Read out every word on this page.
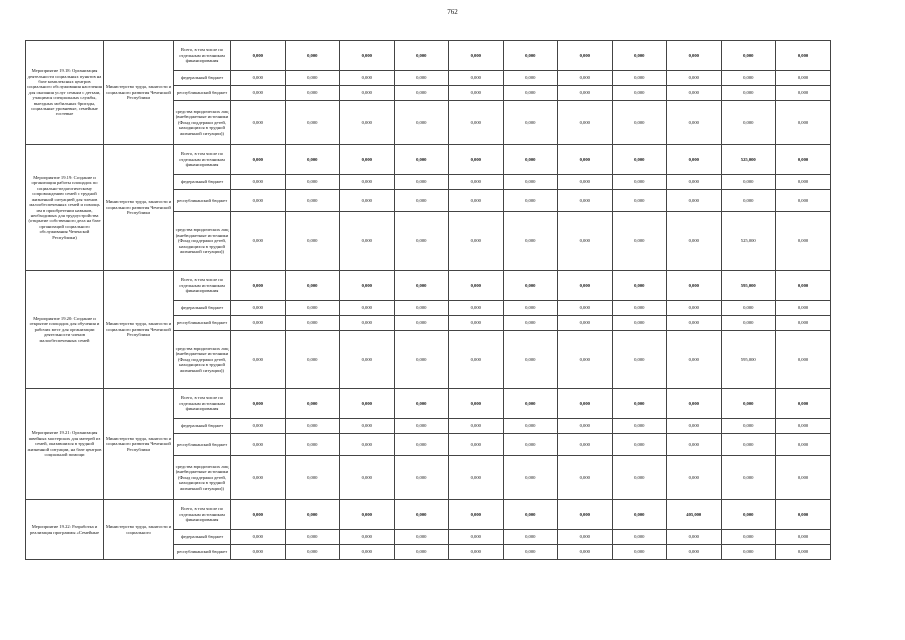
762
Мероприятие 19.18: Организация деятельности социальных пунктов на базе комплексных центров социального обслуживания населения для оказания услуг семьям с детьми, учащимся специальных службы, выездных мобильных бригады, социальные уровневые, семейные гостевые	Министерство труда, занятости и социального развития Чеченской Республики	Всего, в том числе по отдельным источникам финансирования	0,000	0,000	0,000	0,000	0,000	0,000	0,000	0,000	0,000	0,000	0,000
		федеральный бюджет	0,000	0,000	0,000	0,000	0,000	0,000	0,000	0,000	0,000	0,000	0,000
		республиканский бюджет	0,000	0,000	0,000	0,000	0,000	0,000	0,000	0,000	0,000	0,000	0,000
		средства юридических лиц (внебюджетные источники (Фонд поддержки детей, находящихся в трудной жизненной ситуации))	0,000	0,000	0,000	0,000	0,000	0,000	0,000	0,000	0,000	0,000	0,000
Мероприятие 19.19: Создание и организация работы площадок по социально-педагогическому сопровождению семей с трудной жизненной ситуацией для членов малообеспеченных семей и помощь им в приобретении навыков, необходимых для трудоустройства (открытие собственного дела на базе организаций социального обслуживания Чеченской Республики)	Министерство труда, занятости и социального развития Чеченской Республики	Всего, в том числе по отдельным источникам финансирования	0,000	0,000	0,000	0,000	0,000	0,000	0,000	0,000	0,000	525,000	0,000
		федеральный бюджет	0,000	0,000	0,000	0,000	0,000	0,000	0,000	0,000	0,000	0,000	0,000
		республиканский бюджет	0,000	0,000	0,000	0,000	0,000	0,000	0,000	0,000	0,000	0,000	0,000
		средства юридических лиц (внебюджетные источники (Фонд поддержки детей, находящихся в трудной жизненной ситуации))	0,000	0,000	0,000	0,000	0,000	0,000	0,000	0,000	0,000	525,000	0,000
Мероприятие 19.20: Создание и открытие площадок для обучения и рабочих мест для организации деятельности членов малообеспеченных семей	Министерство труда, занятости и социального развития Чеченской Республики	Всего, в том числе по отдельным источникам финансирования	0,000	0,000	0,000	0,000	0,000	0,000	0,000	0,000	0,000	595,000	0,000
		федеральный бюджет	0,000	0,000	0,000	0,000	0,000	0,000	0,000	0,000	0,000	0,000	0,000
		республиканский бюджет	0,000	0,000	0,000	0,000	0,000	0,000	0,000	0,000	0,000	0,000	0,000
		средства юридических лиц (внебюджетные источники (Фонд поддержки детей, находящихся в трудной жизненной ситуации))	0,000	0,000	0,000	0,000	0,000	0,000	0,000	0,000	0,000	595,000	0,000
Мероприятие 19.21: Организация швейных мастерских для матерей из семей, оказавшихся в трудной жизненной ситуации, на базе центров социальной помощи	Министерство труда, занятости и социального развития Чеченской Республики	Всего, в том числе по отдельным источникам финансирования	0,000	0,000	0,000	0,000	0,000	0,000	0,000	0,000	0,000	0,000	0,000
		федеральный бюджет	0,000	0,000	0,000	0,000	0,000	0,000	0,000	0,000	0,000	0,000	0,000
		республиканский бюджет	0,000	0,000	0,000	0,000	0,000	0,000	0,000	0,000	0,000	0,000	0,000
		средства юридических лиц (внебюджетные источники (Фонд поддержки детей, находящихся в трудной жизненной ситуации))	0,000	0,000	0,000	0,000	0,000	0,000	0,000	0,000	0,000	0,000	0,000
Мероприятие 19.22: Разработка и реализация программы «Семейные	Министерство труда, занятости и социального	Всего, в том числе по отдельным источникам финансирования	0,000	0,000	0,000	0,000	0,000	0,000	0,000	0,000	405,000	0,000	0,000
		федеральный бюджет	0,000	0,000	0,000	0,000	0,000	0,000	0,000	0,000	0,000	0,000	0,000
		республиканский бюджет	0,000	0,000	0,000	0,000	0,000	0,000	0,000	0,000	0,000	0,000	0,000
